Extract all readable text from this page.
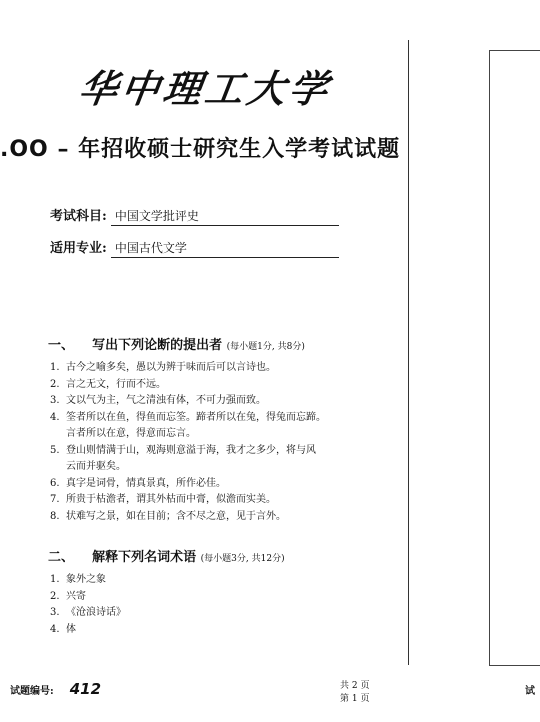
华中理工大学
.OO – 年招收硕士研究生入学考试试题
考试科目: 中国文学批评史
适用专业: 中国古代文学
一、 写出下列论断的提出者 (每小题1分, 共8分)
1. 古今之喻多矣，愚以为辨于味而后可以言诗也。
2. 言之无文，行而不远。
3. 文以气为主，气之清浊有体，不可力强而致。
4. 筌者所以在鱼，得鱼而忘筌。蹄者所以在兔，得兔而忘蹄。
言者所以在意，得意而忘言。
5. 登山则情满于山，观海则意溢于海，我才之多少，将与风
云而并驱矣。
6. 真字是词骨，情真景真，所作必佳。
7. 所贵于枯澹者，谓其外枯而中膏，似澹而实美。
8. 状难写之景，如在目前；含不尽之意，见于言外。
二、 解释下列名词术语 (每小题3分, 共12分)
1. 象外之象
2. 兴寄
3. 《沧浪诗话》
4. 体
试题编号: 412	共 2 页
第 1 页
试
